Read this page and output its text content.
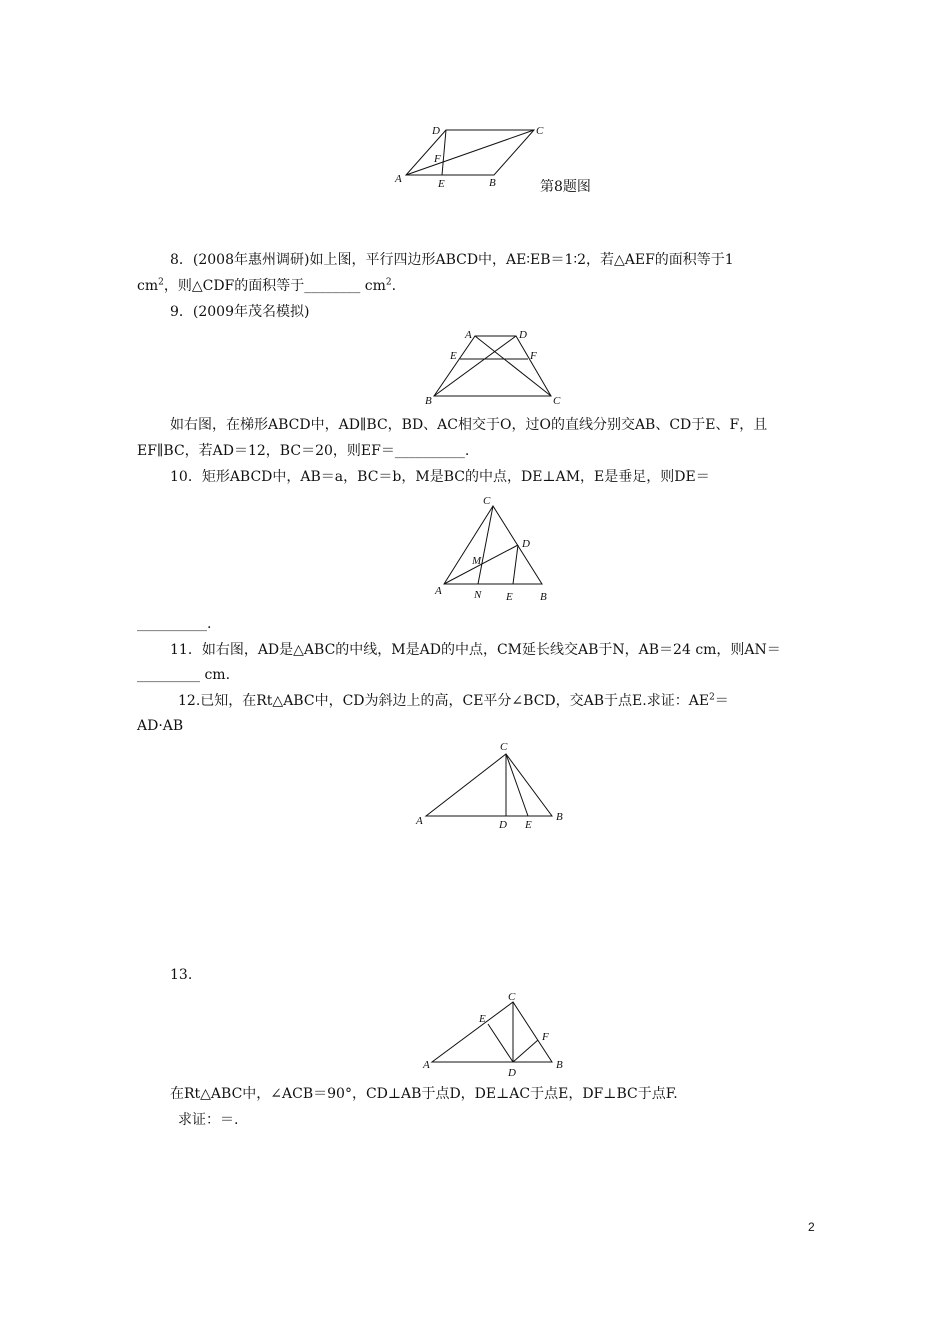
D	C
F
A	E	B	第8题图
8．(2008年惠州调研)如上图，平行四边形ABCD中，AE∶EB＝1∶2，若△AEF的面积等于1
$cm^2$，则△CDF的面积等于________ $cm^2$.
9．(2009年茂名模拟)
A	D
E	F
B	C
如右图，在梯形ABCD中，AD∥BC，BD、AC相交于O，过O的直线分别交AB、CD于E、F，且
EF∥BC，若AD＝12，BC＝20，则EF＝__________.
10．矩形ABCD中，AB＝a，BC＝b，M是BC的中点，DE⊥AM，E是垂足，则DE＝
C
D
M
A	N E B
__________.
11．如右图，AD是△ABC的中线，M是AD的中点，CM延长线交AB于N，AB＝24 cm，则AN＝
_________ cm.
12.已知，在Rt△ABC中，CD为斜边上的高，CE平分∠BCD，交AB于点E.求证：$AE^2=$
AD·AB
C
A	D E
B
13.
C
E
F
A
D
B
在Rt△ABC中，∠ACB＝90°，CD⊥AB于点D，DE⊥AC于点E，DF⊥BC于点F.
求证：＝.
2
